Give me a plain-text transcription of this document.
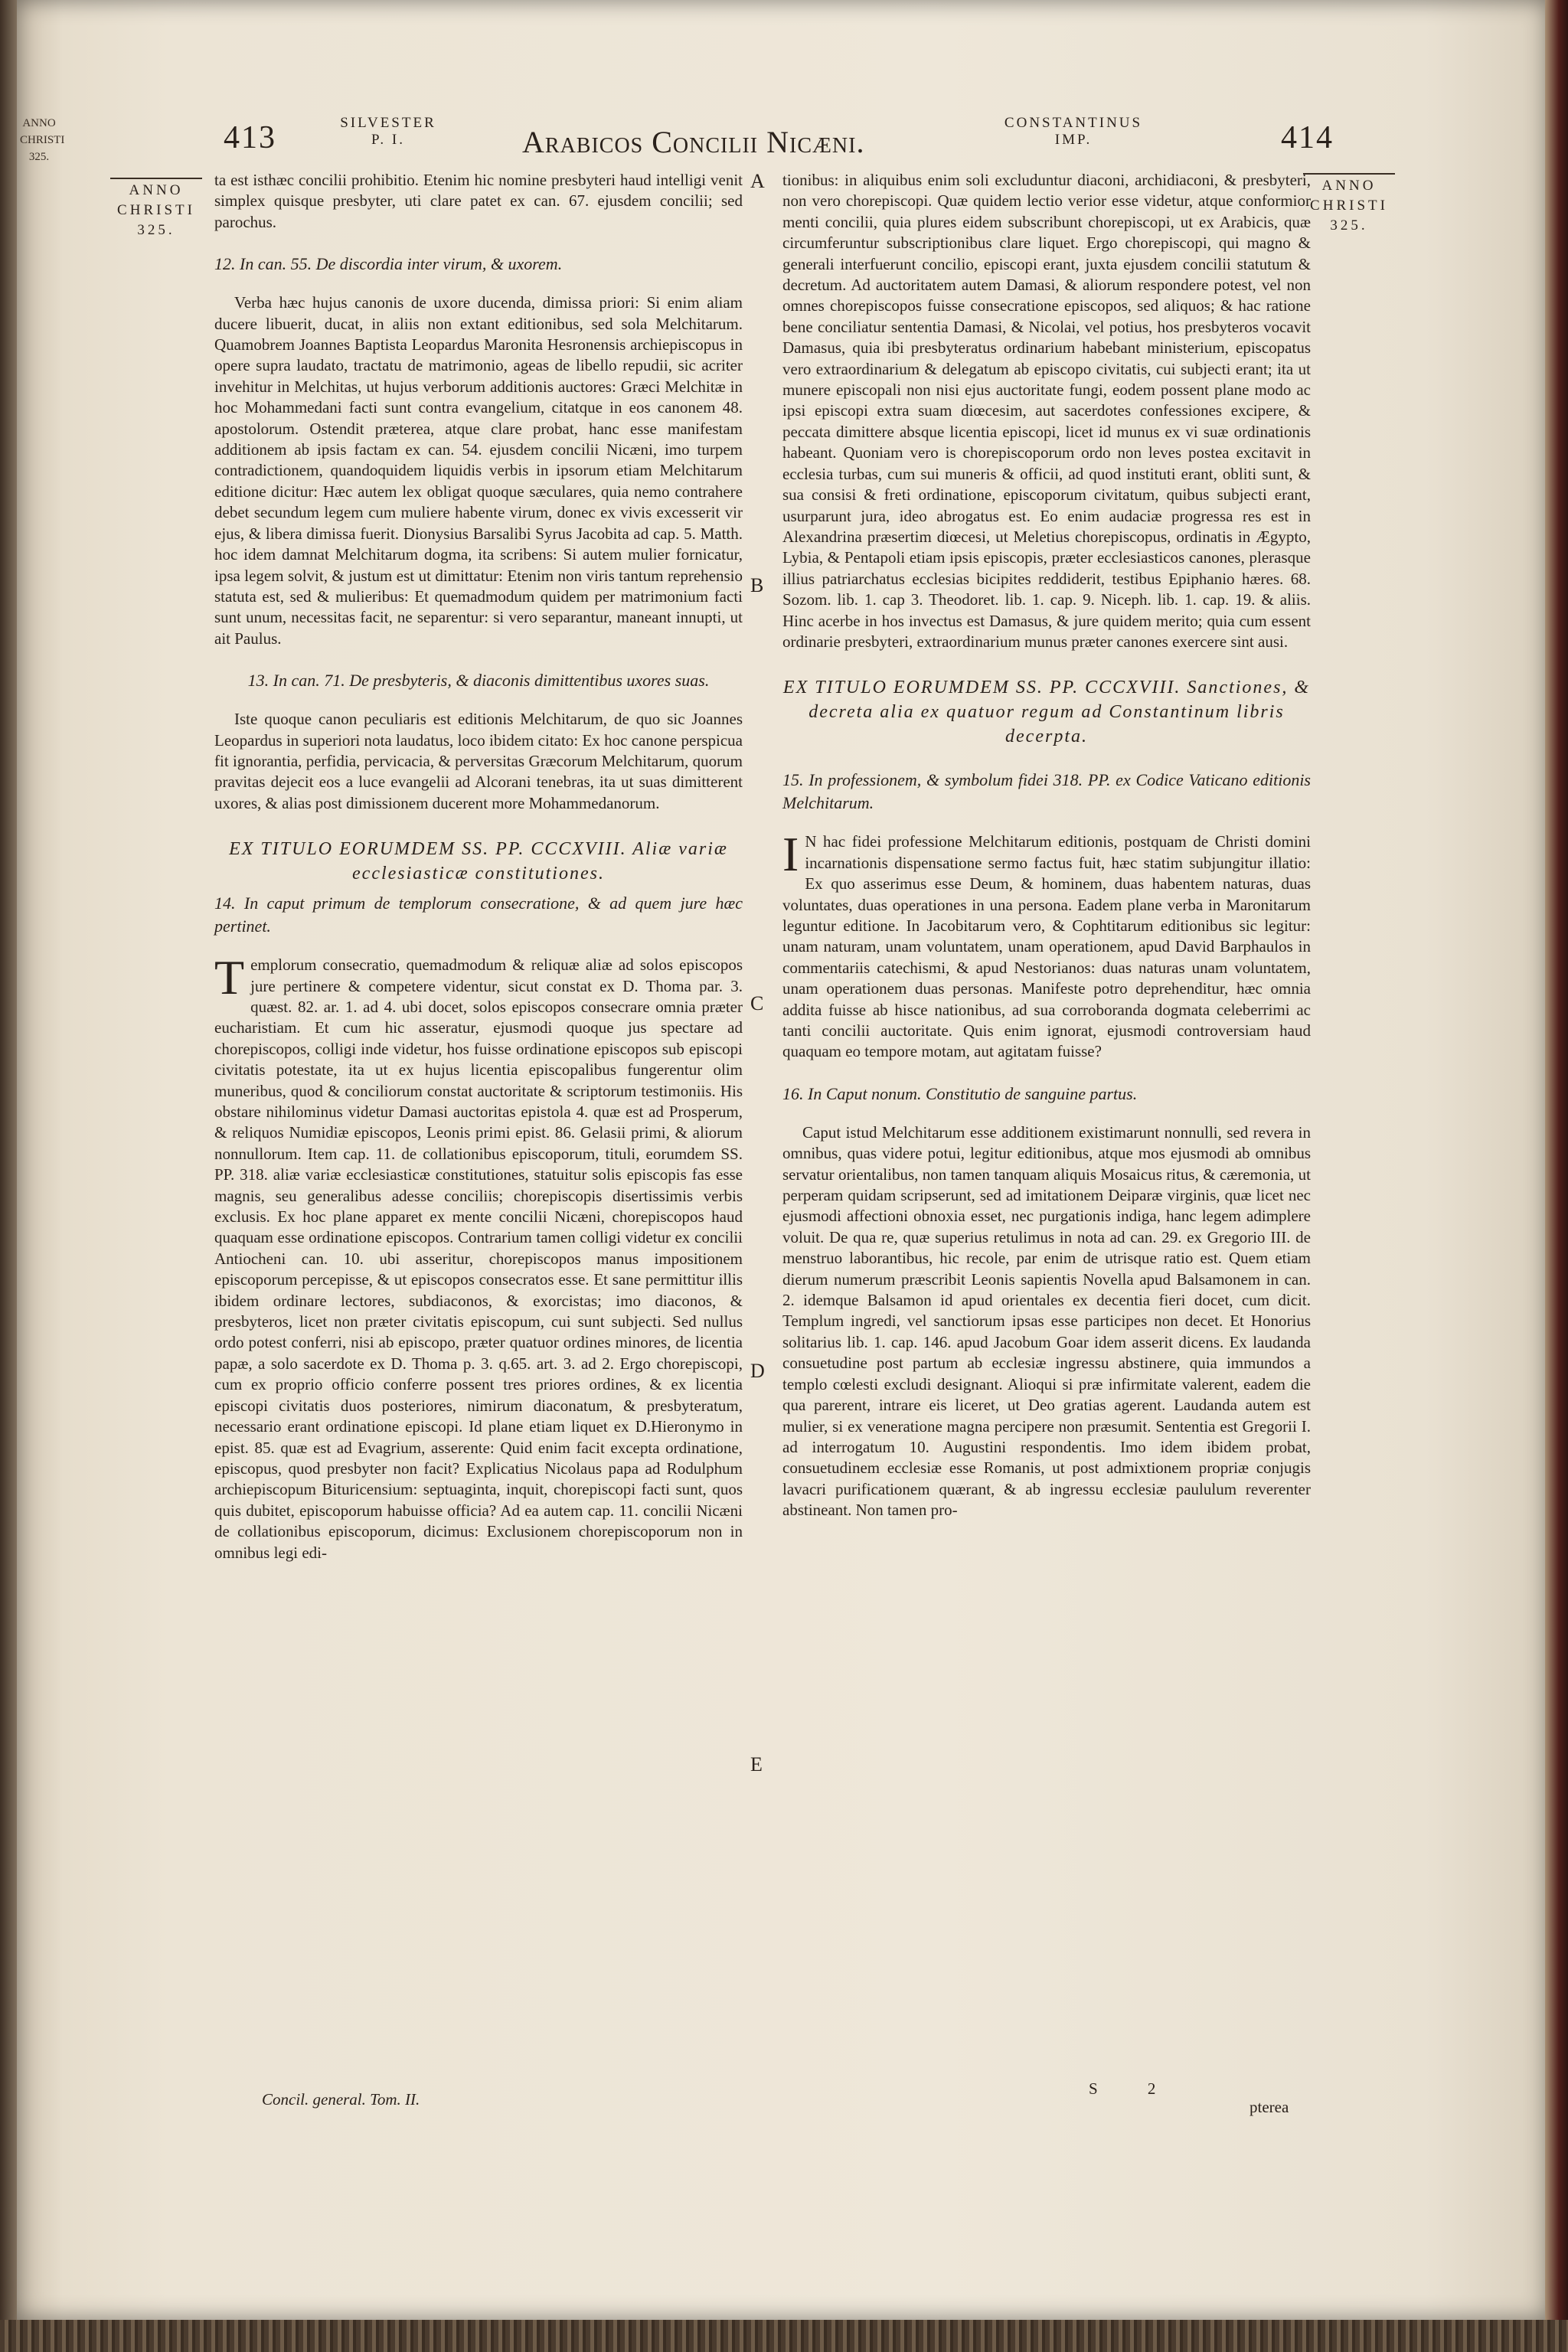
ANNO
CHRISTI
325.
413	SILVESTER
P. I.	Arabicos Concilii Nicæni.
CONSTANTINUS
IMP.	414
ANNO
CHRISTI
325.
ANNO
CHRISTI
325.
A
B
C
D
E

ta est isthæc concilii prohibitio. Etenim hic nomine presbyteri haud intelligi venit simplex quisque presbyter, uti clare patet ex can. 67. ejusdem concilii; sed parochus.

12. In can. 55. De discordia inter virum, & uxorem.

Verba hæc hujus canonis de uxore ducenda, dimissa priori: Si enim aliam ducere libuerit, ducat, in aliis non extant editionibus, sed sola Melchitarum. Quamobrem Joannes Baptista Leopardus Maronita Hesronensis archiepiscopus in opere supra laudato, tractatu de matrimonio, ageas de libello repudii, sic acriter invehitur in Melchitas, ut hujus verborum additionis auctores: Græci Melchitæ in hoc Mohammedani facti sunt contra evangelium, citatque in eos canonem 48. apostolorum. Ostendit præterea, atque clare probat, hanc esse manifestam additionem ab ipsis factam ex can. 54. ejusdem concilii Nicæni, imo turpem contradictionem, quandoquidem liquidis verbis in ipsorum etiam Melchitarum editione dicitur: Hæc autem lex obligat quoque sæculares, quia nemo contrahere debet secundum legem cum muliere habente virum, donec ex vivis excesserit vir ejus, & libera dimissa fuerit. Dionysius Barsalibi Syrus Jacobita ad cap. 5. Matth. hoc idem damnat Melchitarum dogma, ita scribens: Si autem mulier fornicatur, ipsa legem solvit, & justum est ut dimittatur: Etenim non viris tantum reprehensio statuta est, sed & mulieribus: Et quemadmodum quidem per matrimonium facti sunt unum, necessitas facit, ne separentur: si vero separantur, maneant innupti, ut ait Paulus.

13. In can. 71. De presbyteris, & diaconis dimittentibus uxores suas.

Iste quoque canon peculiaris est editionis Melchitarum, de quo sic Joannes Leopardus in superiori nota laudatus, loco ibidem citato: Ex hoc canone perspicua fit ignorantia, perfidia, pervicacia, & perversitas Græcorum Melchitarum, quorum pravitas dejecit eos a luce evangelii ad Alcorani tenebras, ita ut suas dimitterent uxores, & alias post dimissionem ducerent more Mohammedanorum.

EX TITULO EORUMDEM SS. PP. CCCXVIII. Aliæ variæ ecclesiasticæ constitutiones.

14. In caput primum de templorum consecratione, & ad quem jure hæc pertinet.

Templorum consecratio, quemadmodum & reliquæ aliæ ad solos episcopos jure pertinere & competere videntur, sicut constat ex D. Thoma par. 3. quæst. 82. ar. 1. ad 4. ubi docet, solos episcopos consecrare omnia præter eucharistiam. Et cum hic asseratur, ejusmodi quoque jus spectare ad chorepiscopos, colligi inde videtur, hos fuisse ordinatione episcopos sub episcopi civitatis potestate, ita ut ex hujus licentia episcopalibus fungerentur olim muneribus, quod & conciliorum constat auctoritate & scriptorum testimoniis. His obstare nihilominus videtur Damasi auctoritas epistola 4. quæ est ad Prosperum, & reliquos Numidiæ episcopos, Leonis primi epist. 86. Gelasii primi, & aliorum nonnullorum. Item cap. 11. de collationibus episcoporum, tituli, eorumdem SS. PP. 318. aliæ variæ ecclesiasticæ constitutiones, statuitur solis episcopis fas esse magnis, seu generalibus adesse conciliis; chorepiscopis disertissimis verbis exclusis. Ex hoc plane apparet ex mente concilii Nicæni, chorepiscopos haud quaquam esse ordinatione episcopos. Contrarium tamen colligi videtur ex concilii Antiocheni can. 10. ubi asseritur, chorepiscopos manus impositionem episcoporum percepisse, & ut episcopos consecratos esse. Et sane permittitur illis ibidem ordinare lectores, subdiaconos, & exorcistas; imo diaconos, & presbyteros, licet non præter civitatis episcopum, cui sunt subjecti. Sed nullus ordo potest conferri, nisi ab episcopo, præter quatuor ordines minores, de licentia papæ, a solo sacerdote ex D. Thoma p. 3. q.65. art. 3. ad 2. Ergo chorepiscopi, cum ex proprio officio conferre possent tres priores ordines, & ex licentia episcopi civitatis duos posteriores, nimirum diaconatum, & presbyteratum, necessario erant ordinatione episcopi. Id plane etiam liquet ex D.Hieronymo in epist. 85. quæ est ad Evagrium, asserente: Quid enim facit excepta ordinatione, episcopus, quod presbyter non facit? Explicatius Nicolaus papa ad Rodulphum archiepiscopum Bituricensium: septuaginta, inquit, chorepiscopi facti sunt, quos quis dubitet, episcoporum habuisse officia? Ad ea autem cap. 11. concilii Nicæni de collationibus episcoporum, dicimus: Exclusionem chorepiscoporum non in omnibus legi edi-

tionibus: in aliquibus enim soli excluduntur diaconi, archidiaconi, & presbyteri, non vero chorepiscopi. Quæ quidem lectio verior esse videtur, atque conformior menti concilii, quia plures eidem subscribunt chorepiscopi, ut ex Arabicis, quæ circumferuntur subscriptionibus clare liquet. Ergo chorepiscopi, qui magno & generali interfuerunt concilio, episcopi erant, juxta ejusdem concilii statutum & decretum. Ad auctoritatem autem Damasi, & aliorum respondere potest, vel non omnes chorepiscopos fuisse consecratione episcopos, sed aliquos; & hac ratione bene conciliatur sententia Damasi, & Nicolai, vel potius, hos presbyteros vocavit Damasus, quia ibi presbyteratus ordinarium habebant ministerium, episcopatus vero extraordinarium & delegatum ab episcopo civitatis, cui subjecti erant; ita ut munere episcopali non nisi ejus auctoritate fungi, eodem possent plane modo ac ipsi episcopi extra suam diœcesim, aut sacerdotes confessiones excipere, & peccata dimittere absque licentia episcopi, licet id munus ex vi suæ ordinationis habeant. Quoniam vero is chorepiscoporum ordo non leves postea excitavit in ecclesia turbas, cum sui muneris & officii, ad quod instituti erant, obliti sunt, & sua consisi & freti ordinatione, episcoporum civitatum, quibus subjecti erant, usurparunt jura, ideo abrogatus est. Eo enim audaciæ progressa res est in Alexandrina præsertim diœcesi, ut Meletius chorepiscopus, ordinatis in Ægypto, Lybia, & Pentapoli etiam ipsis episcopis, præter ecclesiasticos canones, plerasque illius patriarchatus ecclesias bicipites reddiderit, testibus Epiphanio hæres. 68. Sozom. lib. 1. cap 3. Theodoret. lib. 1. cap. 9. Niceph. lib. 1. cap. 19. & aliis. Hinc acerbe in hos invectus est Damasus, & jure quidem merito; quia cum essent ordinarie presbyteri, extraordinarium munus præter canones exercere sint ausi.

EX TITULO EORUMDEM SS. PP. CCCXVIII. Sanctiones, & decreta alia ex quatuor regum ad Constantinum libris decerpta.

15. In professionem, & symbolum fidei 318. PP. ex Codice Vaticano editionis Melchitarum.

I N hac fidei professione Melchitarum editionis, postquam de Christi domini incarnationis dispensatione sermo factus fuit, hæc statim subjungitur illatio: Ex quo asserimus esse Deum, & hominem, duas habentem naturas, duas voluntates, duas operationes in una persona. Eadem plane verba in Maronitarum leguntur editione. In Jacobitarum vero, & Cophtitarum editionibus sic legitur: unam naturam, unam voluntatem, unam operationem, apud David Barphaulos in commentariis catechismi, & apud Nestorianos: duas naturas unam voluntatem, unam operationem duas personas. Manifeste potro deprehenditur, hæc omnia addita fuisse ab hisce nationibus, ad sua corroboranda dogmata celeberrimi ac tanti concilii auctoritate. Quis enim ignorat, ejusmodi controversiam haud quaquam eo tempore motam, aut agitatam fuisse?

16. In Caput nonum. Constitutio de sanguine partus.

Caput istud Melchitarum esse additionem existimarunt nonnulli, sed revera in omnibus, quas videre potui, legitur editionibus, atque mos ejusmodi ab omnibus servatur orientalibus, non tamen tanquam aliquis Mosaicus ritus, & cæremonia, ut perperam quidam scripserunt, sed ad imitationem Deiparæ virginis, quæ licet nec ejusmodi affectioni obnoxia esset, nec purgationis indiga, hanc legem adimplere voluit. De qua re, quæ superius retulimus in nota ad can. 29. ex Gregorio III. de menstruo laborantibus, hic recole, par enim de utrisque ratio est. Quem etiam dierum numerum præscribit Leonis sapientis Novella apud Balsamonem in can. 2. idemque Balsamon id apud orientales ex decentia fieri docet, cum dicit. Templum ingredi, vel sanctiorum ipsas esse participes non decet. Et Honorius solitarius lib. 1. cap. 146. apud Jacobum Goar idem asserit dicens. Ex laudanda consuetudine post partum ab ecclesiæ ingressu abstinere, quia immundos a templo cœlesti excludi designant. Alioqui si præ infirmitate valerent, eadem die qua parerent, intrare eis liceret, ut Deo gratias agerent. Laudanda autem est mulier, si ex veneratione magna percipere non præsumit. Sententia est Gregorii I. ad interrogatum 10. Augustini respondentis. Imo idem ibidem probat, consuetudinem ecclesiæ esse Romanis, ut post admixtionem propriæ conjugis lavacri purificationem quærant, & ab ingressu ecclesiæ paululum reverenter abstineant. Non tamen pro-

Concil. general. Tom. II.
S 2
pterea
